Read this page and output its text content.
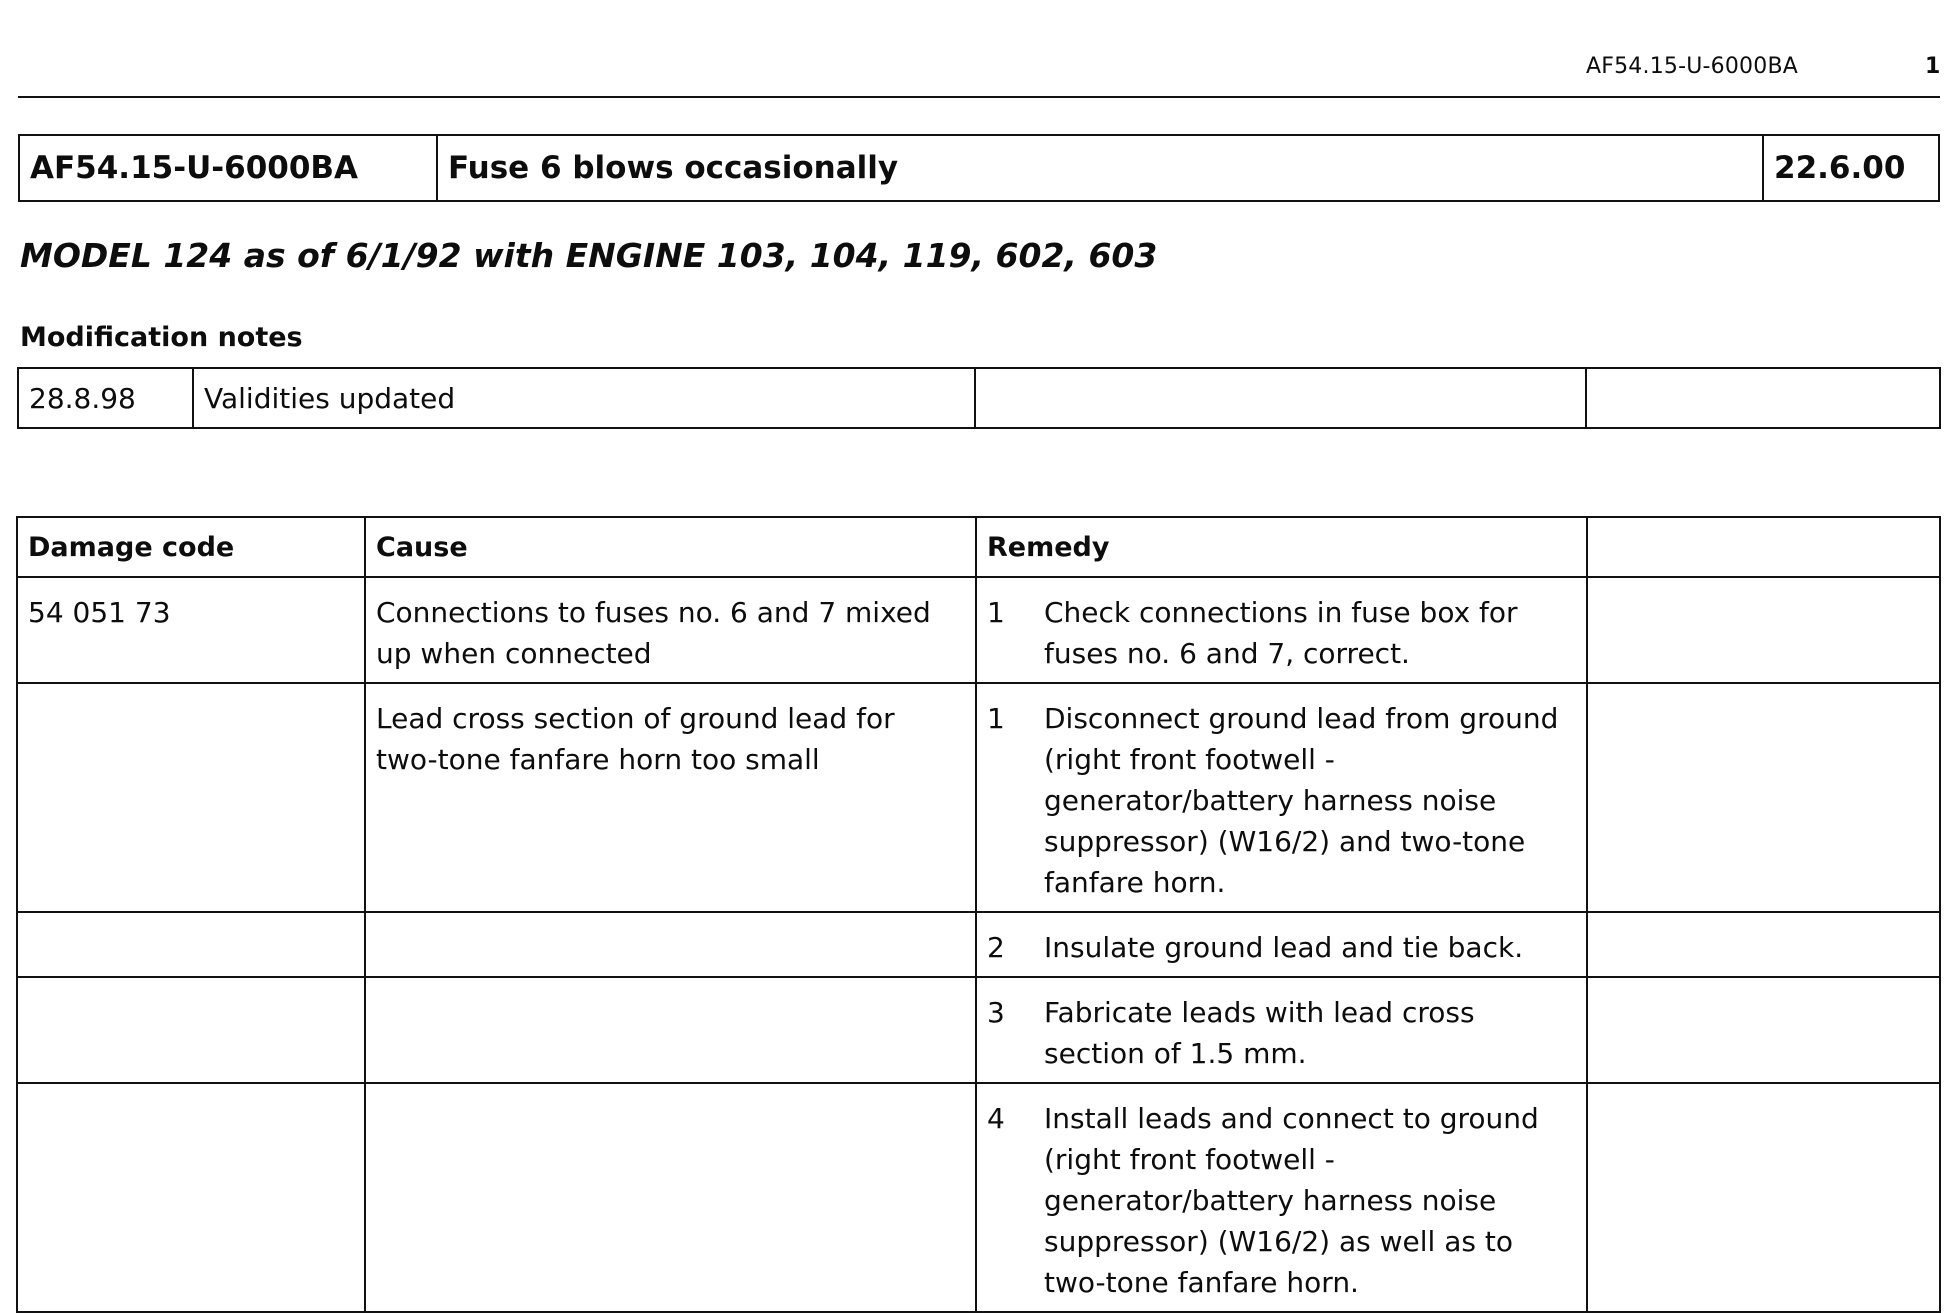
AF54.15-U-6000BA	1
AF54.15-U-6000BA	Fuse 6 blows occasionally	22.6.00
MODEL 124 as of 6/1/92 with ENGINE 103, 104, 119, 602, 603
Modification notes
28.8.98	Validities updated		
Damage code	Cause	Remedy	
54 051 73	Connections to fuses no. 6 and 7 mixed up when connected	1 Check connections in fuse box for fuses no. 6 and 7, correct.	

	Lead cross section of ground lead for two-tone fanfare horn too small	1 Disconnect ground lead from ground (right front footwell - generator/battery harness noise suppressor) (W16/2) and two-tone fanfare horn.	

		2 Insulate ground lead and tie back.	

		3 Fabricate leads with lead cross section of 1.5 mm.	

		4 Install leads and connect to ground (right front footwell - generator/battery harness noise suppressor) (W16/2) as well as to two-tone fanfare horn.	
